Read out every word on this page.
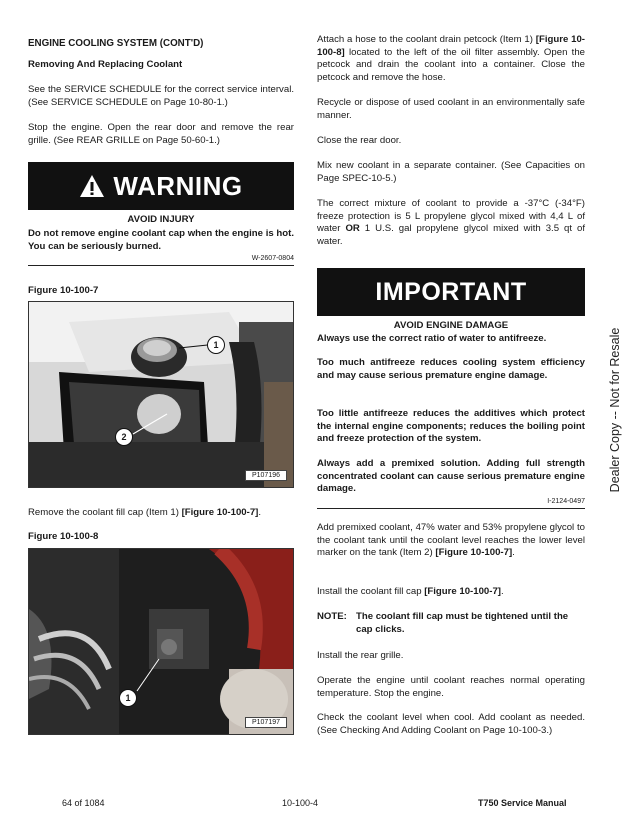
ENGINE COOLING SYSTEM (CONT'D)
Removing And Replacing Coolant
See the SERVICE SCHEDULE for the correct service interval. (See SERVICE SCHEDULE on Page 10-80-1.)
Stop the engine. Open the rear door and remove the rear grille. (See REAR GRILLE on Page 50-60-1.)
WARNING
AVOID INJURY
Do not remove engine coolant cap when the engine is hot. You can be seriously burned.
W-2607-0804
Figure 10-100-7
1
2
P107196
Remove the coolant fill cap (Item 1) [Figure 10-100-7].
Figure 10-100-8
1
P107197
Attach a hose to the coolant drain petcock (Item 1) [Figure 10-100-8] located to the left of the oil filter assembly. Open the petcock and drain the coolant into a container. Close the petcock and remove the hose.
Recycle or dispose of used coolant in an environmentally safe manner.
Close the rear door.
Mix new coolant in a separate container. (See Capacities on Page SPEC-10-5.)
The correct mixture of coolant to provide a -37°C (-34°F) freeze protection is 5 L propylene glycol mixed with 4,4 L of water OR 1 U.S. gal propylene glycol mixed with 3.5 qt of water.
IMPORTANT
AVOID ENGINE DAMAGE
Always use the correct ratio of water to antifreeze.
Too much antifreeze reduces cooling system efficiency and may cause serious premature engine damage.
Too little antifreeze reduces the additives which protect the internal engine components; reduces the boiling point and freeze protection of the system.
Always add a premixed solution. Adding full strength concentrated coolant can cause serious premature engine damage.
I-2124-0497
Add premixed coolant, 47% water and 53% propylene glycol to the coolant tank until the coolant level reaches the lower level marker on the tank (Item 2) [Figure 10-100-7].
Install the coolant fill cap [Figure 10-100-7].
NOTE: The coolant fill cap must be tightened until the cap clicks.
Install the rear grille.
Operate the engine until coolant reaches normal operating temperature. Stop the engine.
Check the coolant level when cool. Add coolant as needed. (See Checking And Adding Coolant on Page 10-100-3.)
Dealer Copy -- Not for Resale
64 of 1084	10-100-4	T750 Service Manual
